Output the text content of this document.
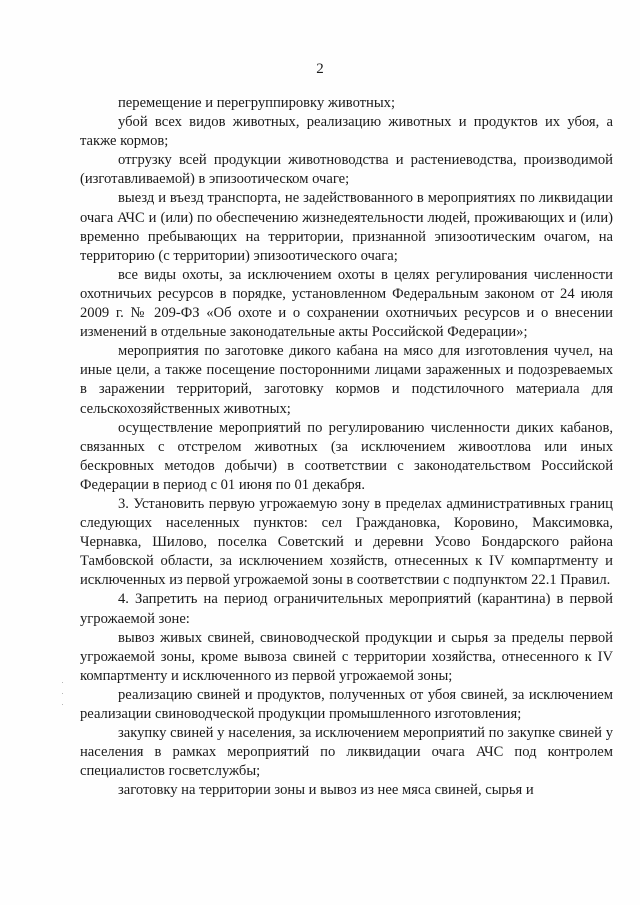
2

перемещение и перегруппировку животных;

убой всех видов животных, реализацию животных и продуктов их убоя, а также кормов;

отгрузку всей продукции животноводства и растениеводства, производимой (изготавливаемой) в эпизоотическом очаге;

выезд и въезд транспорта, не задействованного в мероприятиях по ликвидации очага АЧС и (или) по обеспечению жизнедеятельности людей, проживающих и (или) временно пребывающих на территории, признанной эпизоотическим очагом, на территорию (с территории) эпизоотического очага;

все виды охоты, за исключением охоты в целях регулирования численности охотничьих ресурсов в порядке, установленном Федеральным законом от 24 июля 2009 г. № 209-ФЗ «Об охоте и о сохранении охотничьих ресурсов и о внесении изменений в отдельные законодательные акты Российской Федерации»;

мероприятия по заготовке дикого кабана на мясо для изготовления чучел, на иные цели, а также посещение посторонними лицами зараженных и подозреваемых в заражении территорий, заготовку кормов и подстилочного материала для сельскохозяйственных животных;

осуществление мероприятий по регулированию численности диких кабанов, связанных с отстрелом животных (за исключением живоотлова или иных бескровных методов добычи) в соответствии с законодательством Российской Федерации в период с 01 июня по 01 декабря.

3. Установить первую угрожаемую зону в пределах административных границ следующих населенных пунктов: сел Граждановка, Коровино, Максимовка, Чернавка, Шилово, поселка Советский и деревни Усово Бондарского района Тамбовской области, за исключением хозяйств, отнесенных к IV компартменту и исключенных из первой угрожаемой зоны в соответствии с подпунктом 22.1 Правил.

4. Запретить на период ограничительных мероприятий (карантина) в первой угрожаемой зоне:

вывоз живых свиней, свиноводческой продукции и сырья за пределы первой угрожаемой зоны, кроме вывоза свиней с территории хозяйства, отнесенного к IV компартменту и исключенного из первой угрожаемой зоны;

реализацию свиней и продуктов, полученных от убоя свиней, за исключением реализации свиноводческой продукции промышленного изготовления;

закупку свиней у населения, за исключением мероприятий по закупке свиней у населения в рамках мероприятий по ликвидации очага АЧС под контролем специалистов госветслужбы;

заготовку на территории зоны и вывоз из нее мяса свиней, сырья и
